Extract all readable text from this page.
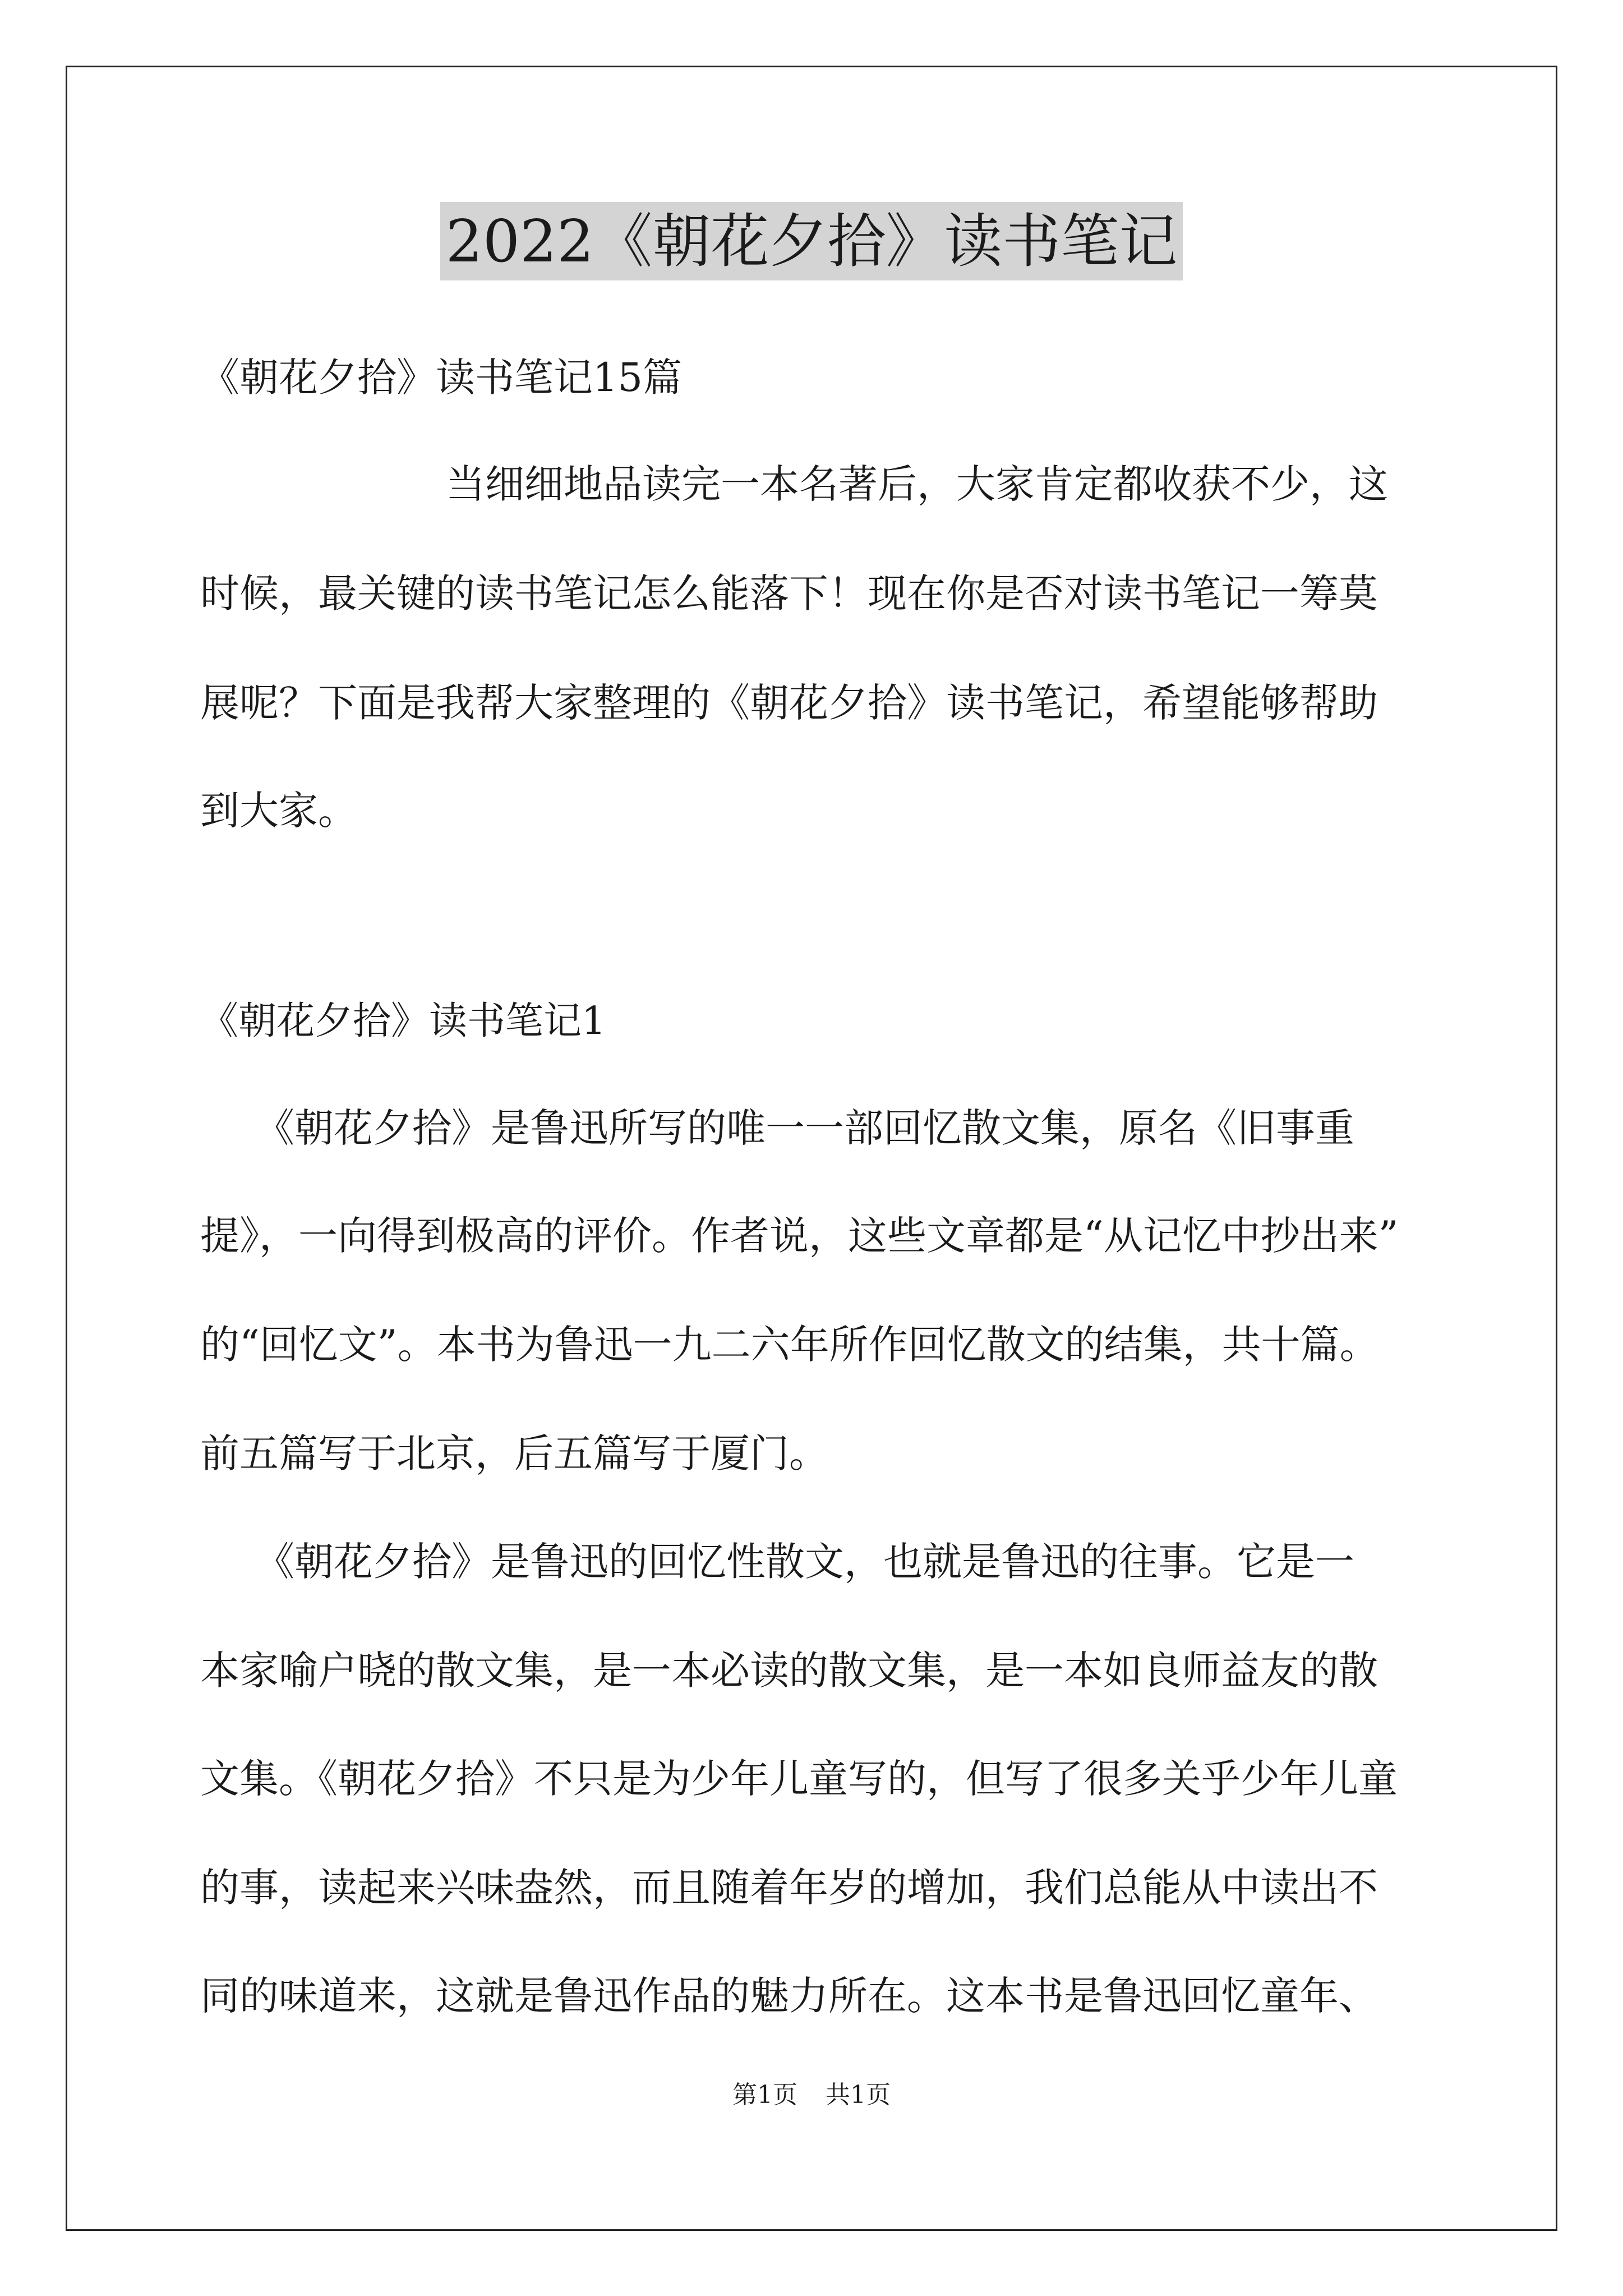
2022《朝花夕拾》读书笔记
《朝花夕拾》读书笔记15篇
当细细地品读完一本名著后，大家肯定都收获不少，这
时候，最关键的读书笔记怎么能落下！现在你是否对读书笔记一筹莫
展呢？下面是我帮大家整理的《朝花夕拾》读书笔记，希望能够帮助
到大家。
《朝花夕拾》读书笔记1
《朝花夕拾》是鲁迅所写的唯一一部回忆散文集，原名《旧事重
提》，一向得到极高的评价。作者说，这些文章都是“从记忆中抄出来”
的“回忆文”。本书为鲁迅一九二六年所作回忆散文的结集，共十篇。
前五篇写于北京，后五篇写于厦门。
《朝花夕拾》是鲁迅的回忆性散文，也就是鲁迅的往事。它是一
本家喻户晓的散文集，是一本必读的散文集，是一本如良师益友的散
文集。《朝花夕拾》不只是为少年儿童写的，但写了很多关乎少年儿童
的事，读起来兴味盎然，而且随着年岁的增加，我们总能从中读出不
同的味道来，这就是鲁迅作品的魅力所在。这本书是鲁迅回忆童年、
第1页 共1页
